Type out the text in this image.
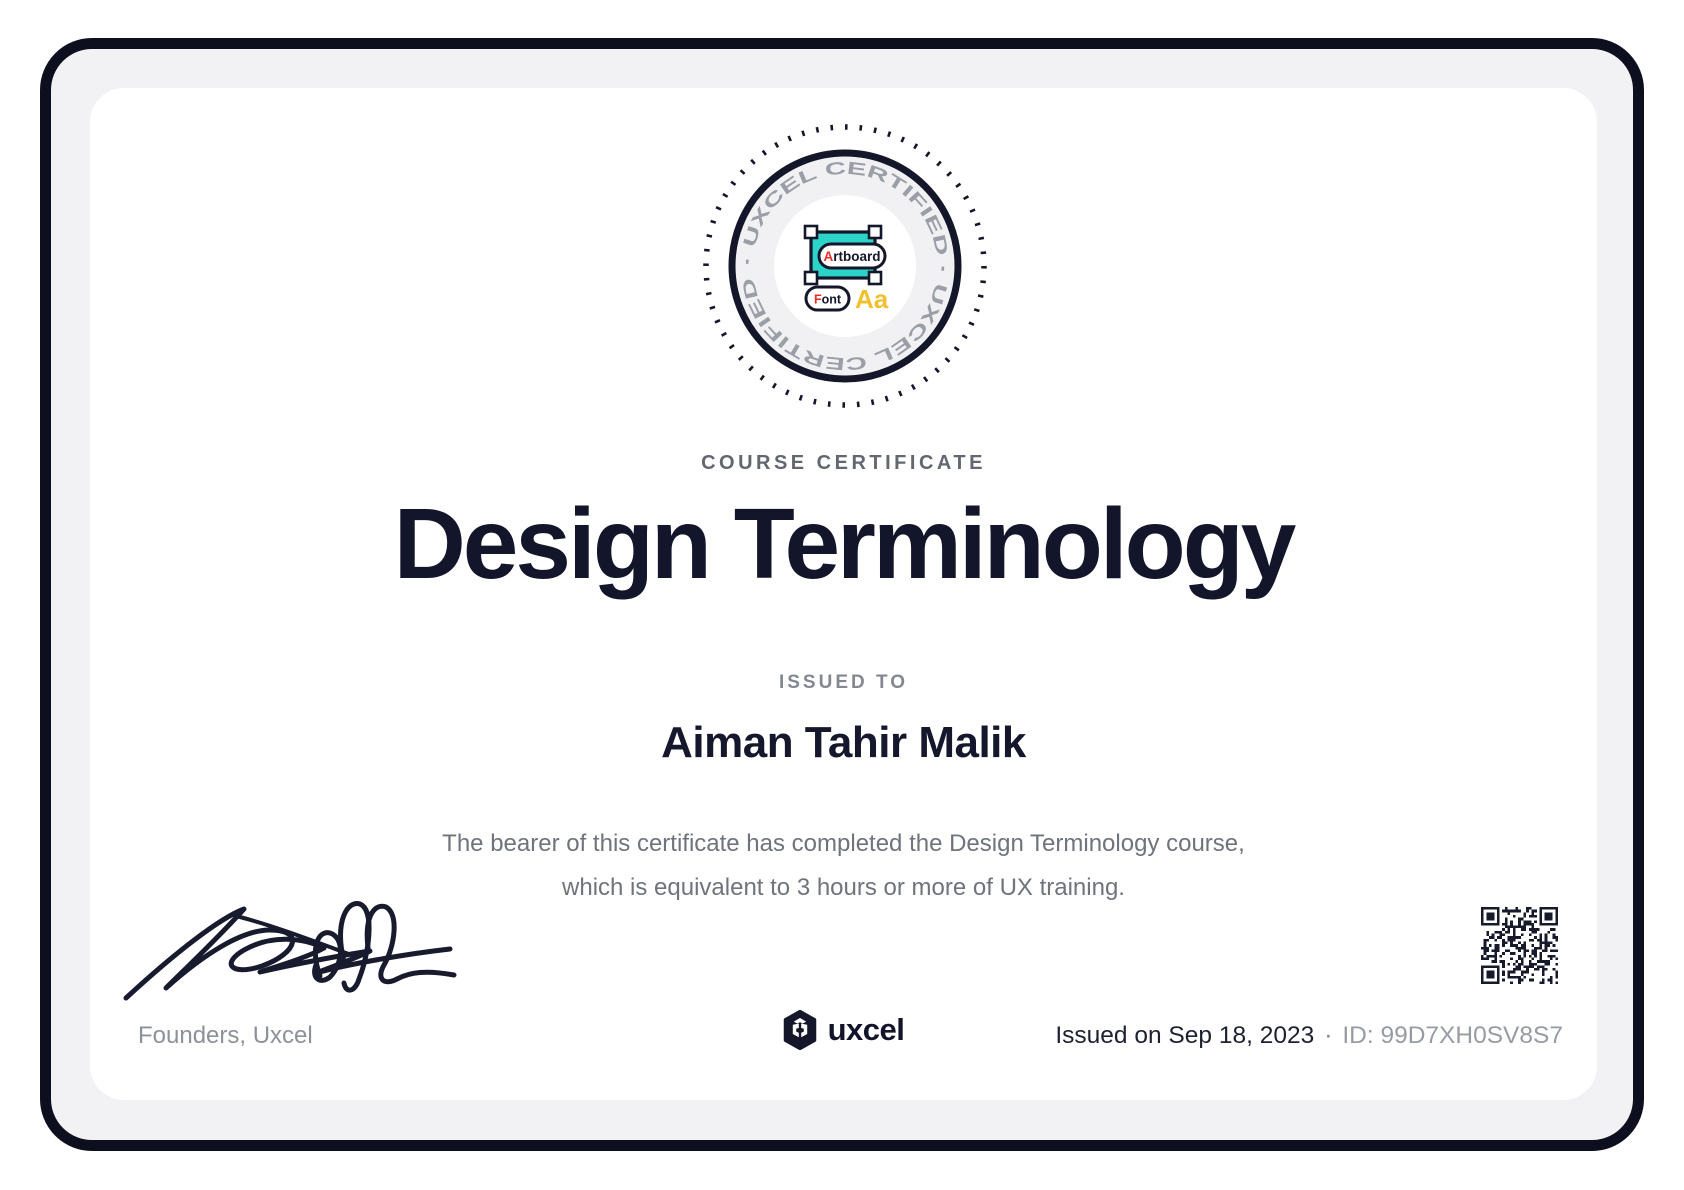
· UXCEL CERTIFIED · UXCEL CERTIFIED
Artboard
Font Aa
COURSE CERTIFICATE
Design Terminology
ISSUED TO
Aiman Tahir Malik
The bearer of this certificate has completed the Design Terminology course,
which is equivalent to 3 hours or more of UX training.
Founders, Uxcel	uxcel	Issued on Sep 18, 2023 · ID: 99D7XH0SV8S7
